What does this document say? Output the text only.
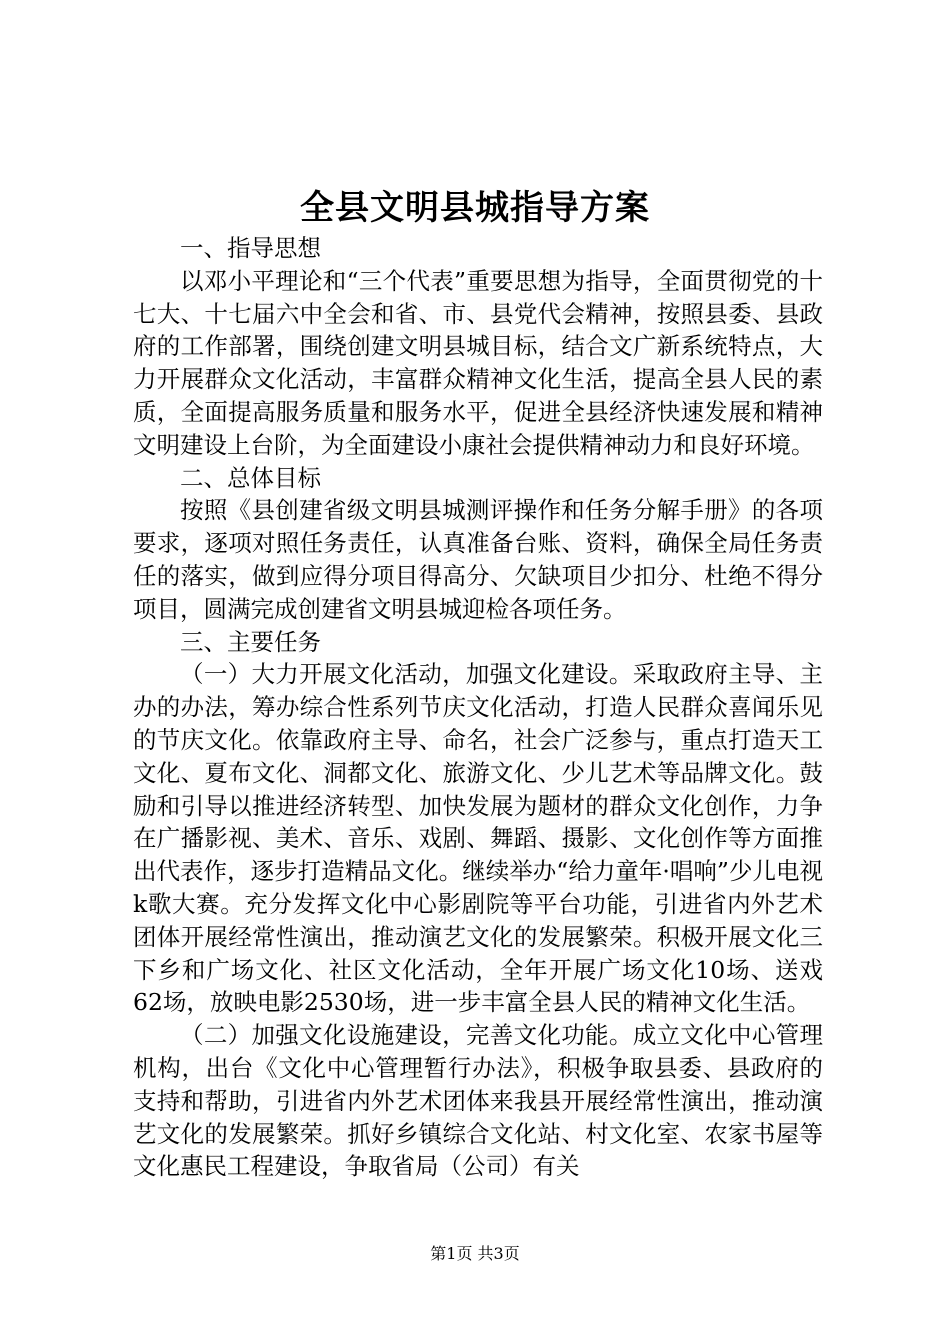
全县文明县城指导方案

一、指导思想

以邓小平理论和“三个代表”重要思想为指导，全面贯彻党的十七大、十七届六中全会和省、市、县党代会精神，按照县委、县政府的工作部署，围绕创建文明县城目标，结合文广新系统特点，大力开展群众文化活动，丰富群众精神文化生活，提高全县人民的素质，全面提高服务质量和服务水平，促进全县经济快速发展和精神文明建设上台阶，为全面建设小康社会提供精神动力和良好环境。

二、总体目标

按照《县创建省级文明县城测评操作和任务分解手册》的各项要求，逐项对照任务责任，认真准备台账、资料，确保全局任务责任的落实，做到应得分项目得高分、欠缺项目少扣分、杜绝不得分项目，圆满完成创建省文明县城迎检各项任务。

三、主要任务

（一）大力开展文化活动，加强文化建设。采取政府主导、主办的办法，筹办综合性系列节庆文化活动，打造人民群众喜闻乐见的节庆文化。依靠政府主导、命名，社会广泛参与，重点打造天工文化、夏布文化、洞都文化、旅游文化、少儿艺术等品牌文化。鼓励和引导以推进经济转型、加快发展为题材的群众文化创作，力争在广播影视、美术、音乐、戏剧、舞蹈、摄影、文化创作等方面推出代表作，逐步打造精品文化。继续举办“给力童年·唱响”少儿电视k歌大赛。充分发挥文化中心影剧院等平台功能，引进省内外艺术团体开展经常性演出，推动演艺文化的发展繁荣。积极开展文化三下乡和广场文化、社区文化活动，全年开展广场文化10场、送戏62场，放映电影2530场，进一步丰富全县人民的精神文化生活。

（二）加强文化设施建设，完善文化功能。成立文化中心管理机构，出台《文化中心管理暂行办法》，积极争取县委、县政府的支持和帮助，引进省内外艺术团体来我县开展经常性演出，推动演艺文化的发展繁荣。抓好乡镇综合文化站、村文化室、农家书屋等文化惠民工程建设，争取省局（公司）有关

第1页 共3页
